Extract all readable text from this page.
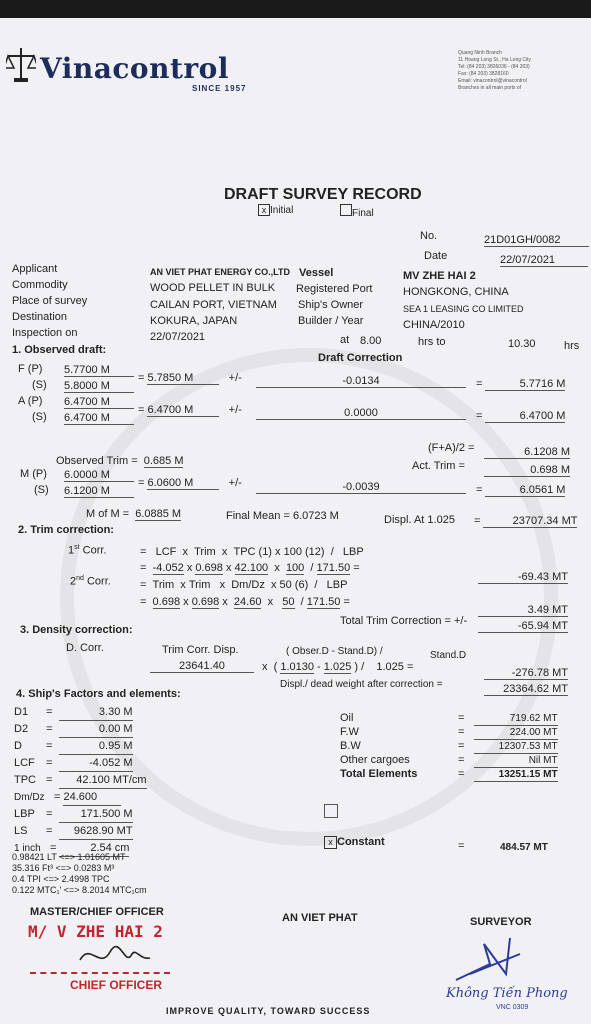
Vinacontrol
SINCE 1957
Quang Ninh Branch
11 Hoang Long St., Ha Long City
Tel: (84 203) 3826036 - (84 203)
Fax: (84 203) 3828160
Email: vinacontrol@vinacontrol
Branches in all main ports of
DRAFT SURVEY RECORD
x Initial	Final
No.	21D01GH/0082
Date	22/07/2021
Applicant	AN VIET PHAT ENERGY CO.,LTD
Commodity	WOOD PELLET IN BULK
Place of survey	CAILAN PORT, VIETNAM
Destination	KOKURA, JAPAN
Inspection on	22/07/2021
Vessel	MV ZHE HAI 2
Registered Port	HONGKONG, CHINA
Ship's Owner	SEA 1 LEASING CO LIMITED
Builder / Year	CHINA/2010
at 8.00	hrs to	10.30	hrs
1. Observed draft:
Draft Correction
F (P) 5.7700 M
(S) 5.8000 M
A (P) 6.4700 M
(S) 6.4700 M
= 5.7850 M   +/-	-0.0134	=	5.7716 M
= 6.4700 M   +/-	0.0000	=	6.4700 M
(F+A)/2 =	6.1208 M
Observed Trim =  0.685 M	Act. Trim =	0.698 M
M (P) 6.0000 M
(S) 6.1200 M
= 6.0600 M   +/-	-0.0039	=	6.0561 M
M of M =  6.0885 M	Final Mean = 6.0723 M	Displ. At 1.025 =	23707.34 MT
2. Trim correction:
1st Corr.	=   LCF x Trim x TPC (1) x 100 (12) / LBP
=  -4.052 x 0.698 x 42.100 x 100 / 171.50 =
-69.43 MT
2nd Corr.	=  Trim x Trim x Dm/Dz x 50 (6) / LBP
=  0.698 x 0.698 x 24.60 x 50 / 171.50 =
3.49 MT
Total Trim Correction = +/-	-65.94 MT
3. Density correction:
D. Corr.	Trim Corr. Disp.
23641.40
( Obser.D - Stand.D) /	Stand.D
x  ( 1.0130 - 1.025 ) /    1.025 =	-276.78 MT
Displ./ dead weight after correction =	23364.62 MT
4. Ship's Factors and elements:
D1 =	3.30 M
D2 =	0.00 M
D =	0.95 M
LCF =	-4.052 M
TPC =  42.100 MT/cm
Dm/Dz = 24.600
LBP =  171.500 M
LS =  9628.90 MT
1 inch =	2.54 cm
0.98421 LT <=> 1.01605 MT
35.316 Ft³ <=> 0.0283 M³
0.4 TPI <=> 2.4998 TPC
0.122 MTC₁' <=> 8.2014 MTC₁cm
Oil	=	719.62 MT
F.W	=	224.00 MT
B.W	=	12307.53 MT
Other cargoes	=	Nil MT
Total Elements	=	13251.15 MT
x Constant	=	484.57 MT
MASTER/CHIEF OFFICER
M/ V ZHE HAI 2
CHIEF OFFICER
AN VIET PHAT	SURVEYOR
Không Tiến Phong
VNC 0309
IMPROVE QUALITY, TOWARD SUCCESS
